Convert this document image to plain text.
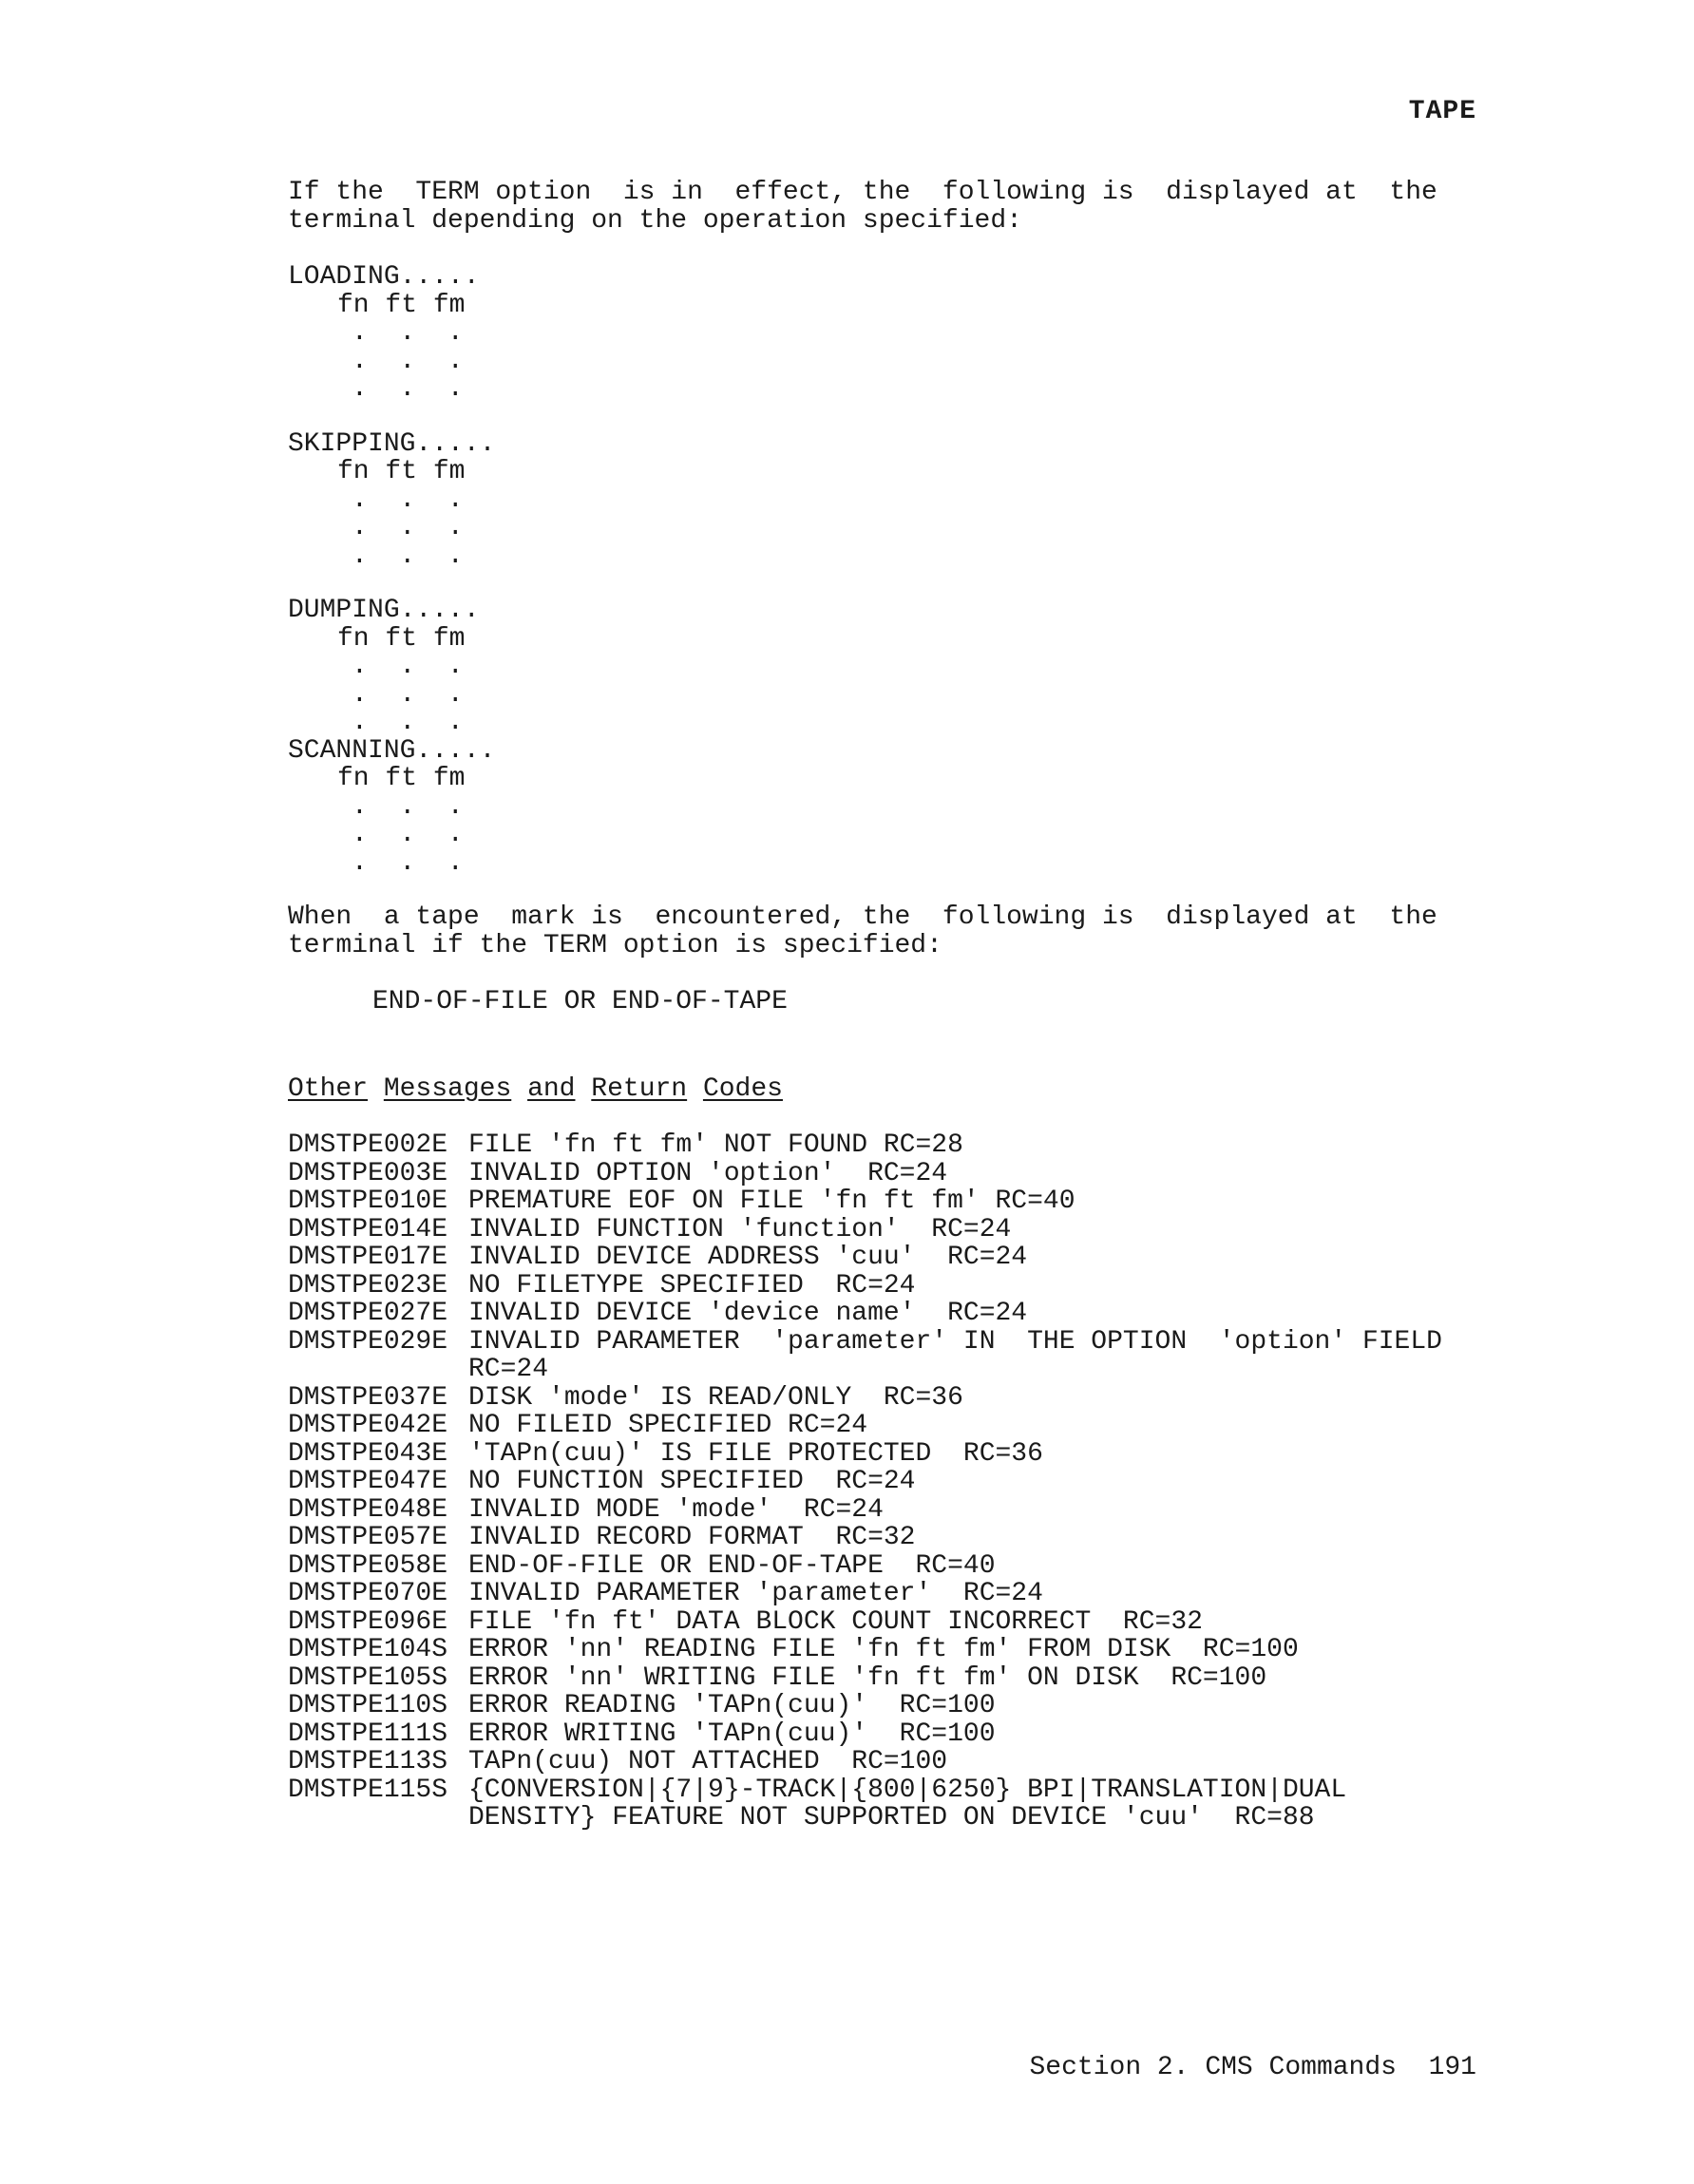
TAPE
If the  TERM option  is in  effect, the  following is  displayed at  the
terminal depending on the operation specified:
LOADING.....
fn ft fm
.  .  .
.  .  .
.  .  .
SKIPPING.....
fn ft fm
.  .  .
.  .  .
.  .  .
DUMPING.....
fn ft fm
.  .  .
.  .  .
.  .  .
SCANNING.....
fn ft fm
.  .  .
.  .  .
.  .  .
When  a tape  mark is  encountered, the  following is  displayed at  the
terminal if the TERM option is specified:
END-OF-FILE OR END-OF-TAPE
Other Messages and Return Codes
DMSTPE002E FILE 'fn ft fm' NOT FOUND RC=28
DMSTPE003E INVALID OPTION 'option'  RC=24
DMSTPE010E PREMATURE EOF ON FILE 'fn ft fm' RC=40
DMSTPE014E INVALID FUNCTION 'function'  RC=24
DMSTPE017E INVALID DEVICE ADDRESS 'cuu'  RC=24
DMSTPE023E NO FILETYPE SPECIFIED  RC=24
DMSTPE027E INVALID DEVICE 'device name'  RC=24
DMSTPE029E INVALID PARAMETER  'parameter' IN  THE OPTION  'option' FIELD
RC=24
DMSTPE037E DISK 'mode' IS READ/ONLY  RC=36
DMSTPE042E NO FILEID SPECIFIED RC=24
DMSTPE043E 'TAPn(cuu)' IS FILE PROTECTED  RC=36
DMSTPE047E NO FUNCTION SPECIFIED  RC=24
DMSTPE048E INVALID MODE 'mode'  RC=24
DMSTPE057E INVALID RECORD FORMAT  RC=32
DMSTPE058E END-OF-FILE OR END-OF-TAPE  RC=40
DMSTPE070E INVALID PARAMETER 'parameter'  RC=24
DMSTPE096E FILE 'fn ft' DATA BLOCK COUNT INCORRECT  RC=32
DMSTPE104S ERROR 'nn' READING FILE 'fn ft fm' FROM DISK  RC=100
DMSTPE105S ERROR 'nn' WRITING FILE 'fn ft fm' ON DISK  RC=100
DMSTPE110S ERROR READING 'TAPn(cuu)'  RC=100
DMSTPE111S ERROR WRITING 'TAPn(cuu)'  RC=100
DMSTPE113S TAPn(cuu) NOT ATTACHED  RC=100
DMSTPE115S {CONVERSION|{7|9}-TRACK|{800|6250} BPI|TRANSLATION|DUAL
DENSITY} FEATURE NOT SUPPORTED ON DEVICE 'cuu'  RC=88
Section 2. CMS Commands 191
